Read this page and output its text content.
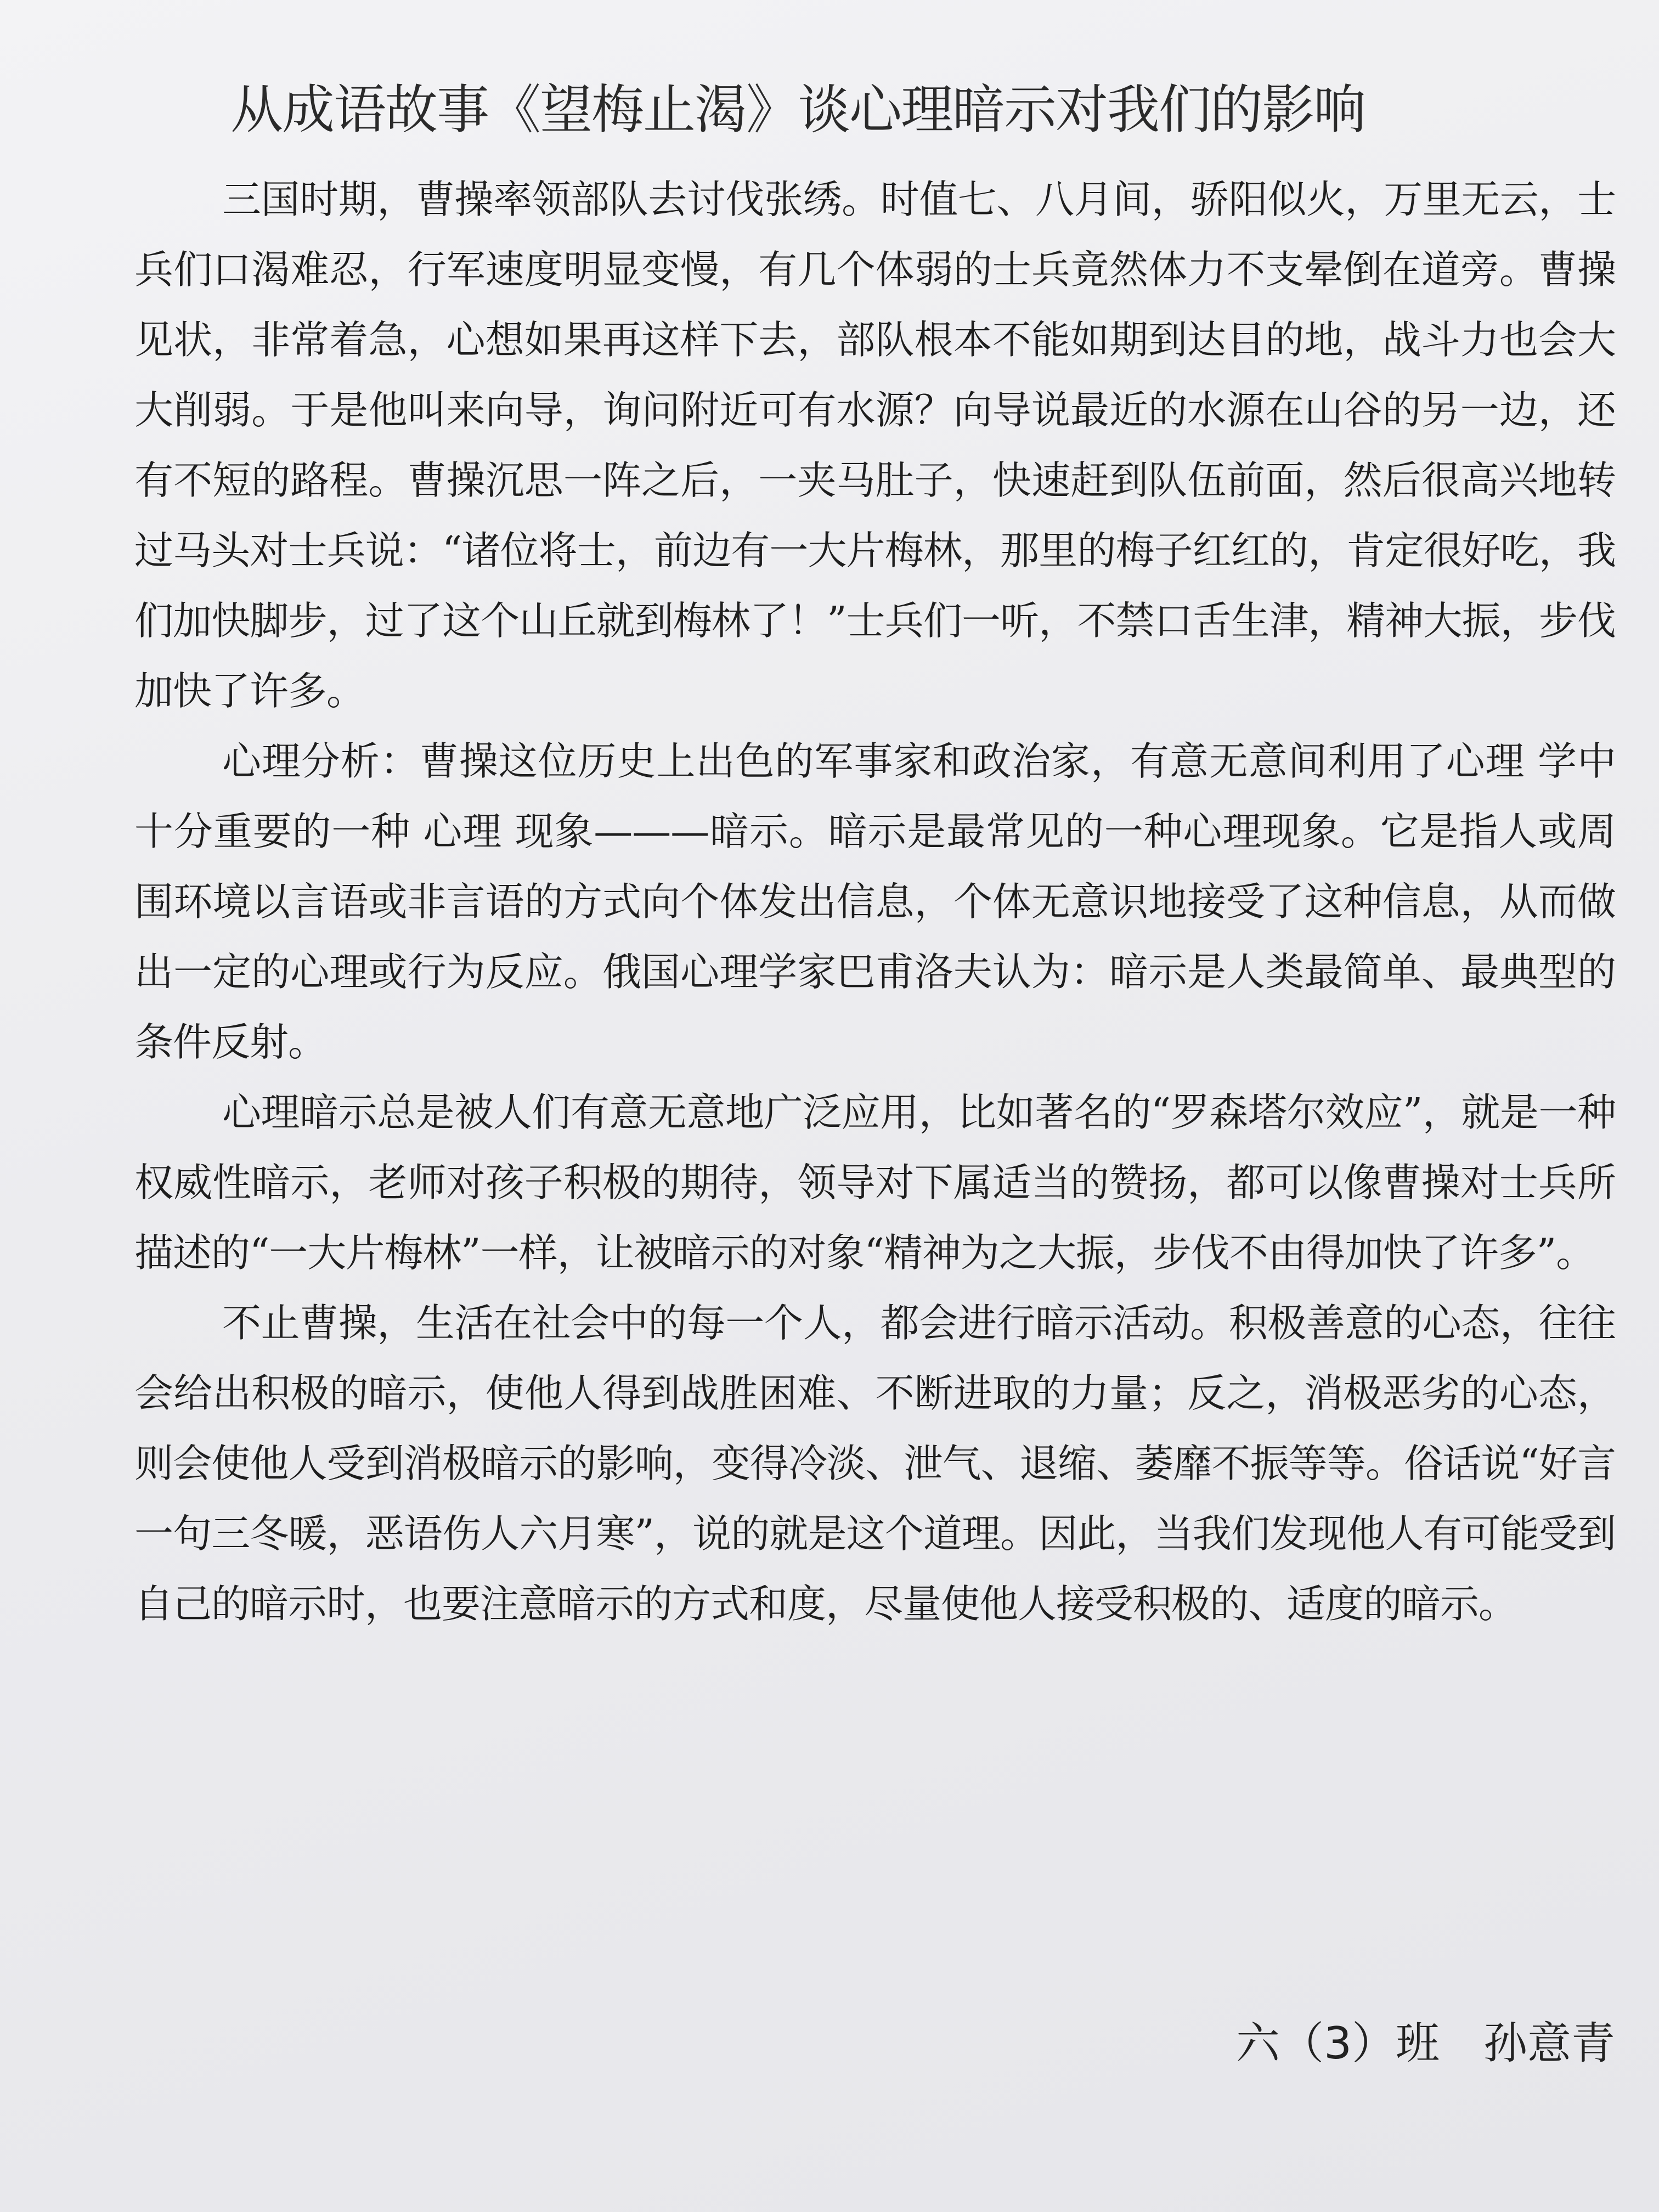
从成语故事《望梅止渴》谈心理暗示对我们的影响

三国时期，曹操率领部队去讨伐张绣。时值七、八月间，骄阳似火，万里无云，士兵们口渴难忍，行军速度明显变慢，有几个体弱的士兵竟然体力不支晕倒在道旁。曹操见状，非常着急，心想如果再这样下去，部队根本不能如期到达目的地，战斗力也会大大削弱。于是他叫来向导，询问附近可有水源？向导说最近的水源在山谷的另一边，还有不短的路程。曹操沉思一阵之后，一夹马肚子，快速赶到队伍前面，然后很高兴地转过马头对士兵说：“诸位将士，前边有一大片梅林，那里的梅子红红的，肯定很好吃，我们加快脚步，过了这个山丘就到梅林了！”士兵们一听，不禁口舌生津，精神大振，步伐加快了许多。

心理分析：曹操这位历史上出色的军事家和政治家，有意无意间利用了心理 学中十分重要的一种 心理 现象———暗示。暗示是最常见的一种心理现象。它是指人或周围环境以言语或非言语的方式向个体发出信息，个体无意识地接受了这种信息，从而做出一定的心理或行为反应。俄国心理学家巴甫洛夫认为：暗示是人类最简单、最典型的条件反射。

心理暗示总是被人们有意无意地广泛应用，比如著名的“罗森塔尔效应”，就是一种权威性暗示，老师对孩子积极的期待，领导对下属适当的赞扬，都可以像曹操对士兵所描述的“一大片梅林”一样，让被暗示的对象“精神为之大振，步伐不由得加快了许多”。

不止曹操，生活在社会中的每一个人，都会进行暗示活动。积极善意的心态，往往会给出积极的暗示，使他人得到战胜困难、不断进取的力量；反之，消极恶劣的心态，则会使他人受到消极暗示的影响，变得冷淡、泄气、退缩、萎靡不振等等。俗话说“好言一句三冬暖，恶语伤人六月寒”，说的就是这个道理。因此，当我们发现他人有可能受到自己的暗示时，也要注意暗示的方式和度，尽量使他人接受积极的、适度的暗示。

六（3）班 孙意青
